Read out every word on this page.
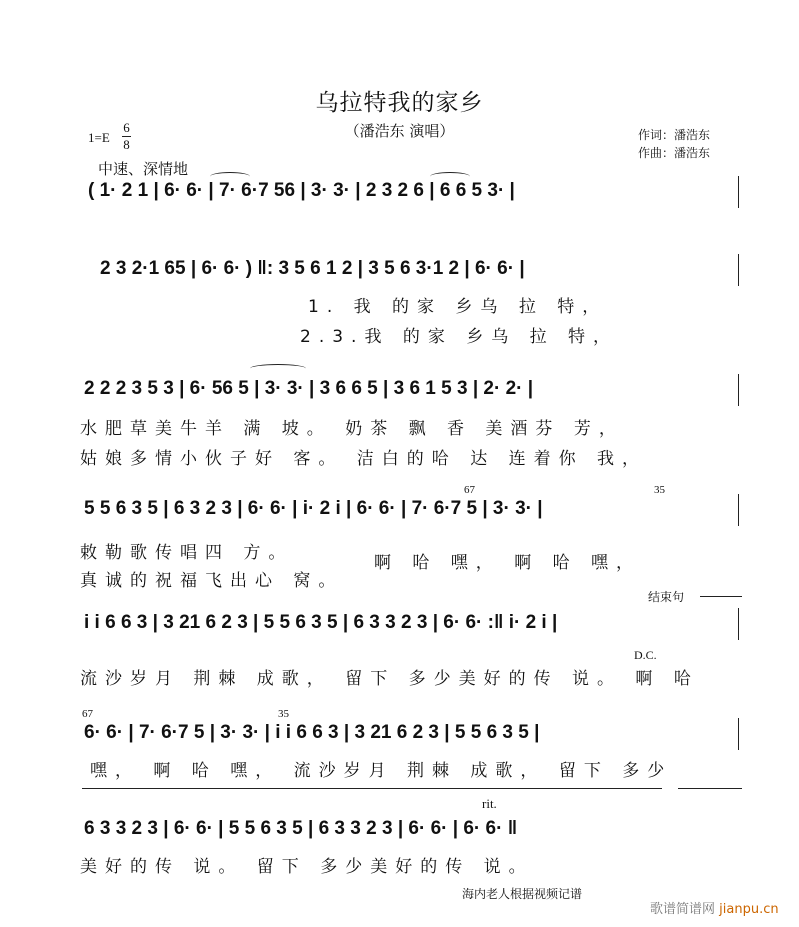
乌拉特我的家乡
（潘浩东 演唱）
1=E
6
8
作词：潘浩东
作曲：潘浩东
中速、深情地
( 1· 2 1 | 6· 6· | 7· 6·7 56 | 3· 3· | 2 3 2 6 | 6 6 5 3· |
2 3 2·1 65 | 6· 6· ) ‖: 3 5 6 1 2 | 3 5 6 3·1 2 | 6· 6· |
1. 我 的家 乡乌 拉 特，
2.3.我 的家 乡乌 拉 特，
2 2 2 3 5 3 | 6· 56 5 | 3· 3· | 3 6 6 5 | 3 6 1 5 3 | 2· 2· |
水肥草美牛羊 满 坡。 奶茶 飘 香 美酒芬 芳，
姑娘多情小伙子好 客。 洁白的哈 达 连着你 我，
5 5 6 3 5 | 6 3 2 3 | 6· 6· | i· 2 i | 6· 6· | 7· 6·7 5 | 3· 3· |
67	35
敕勒歌传唱四 方。
真诚的祝福飞出心 窝。
啊 哈 嘿， 啊 哈 嘿，
结束句
i i 6 6 3 | 3 21 6 2 3 | 5 5 6 3 5 | 6 3 3 2 3 | 6· 6· :‖ i· 2 i |
D.C.
流沙岁月 荆棘 成歌， 留下 多少美好的传 说。 啊 哈
6· 6· | 7· 6·7 5 | 3· 3· | i i 6 6 3 | 3 21 6 2 3 | 5 5 6 3 5 |
67	35
嘿， 啊 哈 嘿， 流沙岁月 荆棘 成歌， 留下 多少
rit.
6 3 3 2 3 | 6· 6· | 5 5 6 3 5 | 6 3 3 2 3 | 6· 6· | 6· 6· ‖
美好的传 说。 留下 多少美好的传 说。
海内老人根据视频记谱
歌谱简谱网 jianpu.cn
